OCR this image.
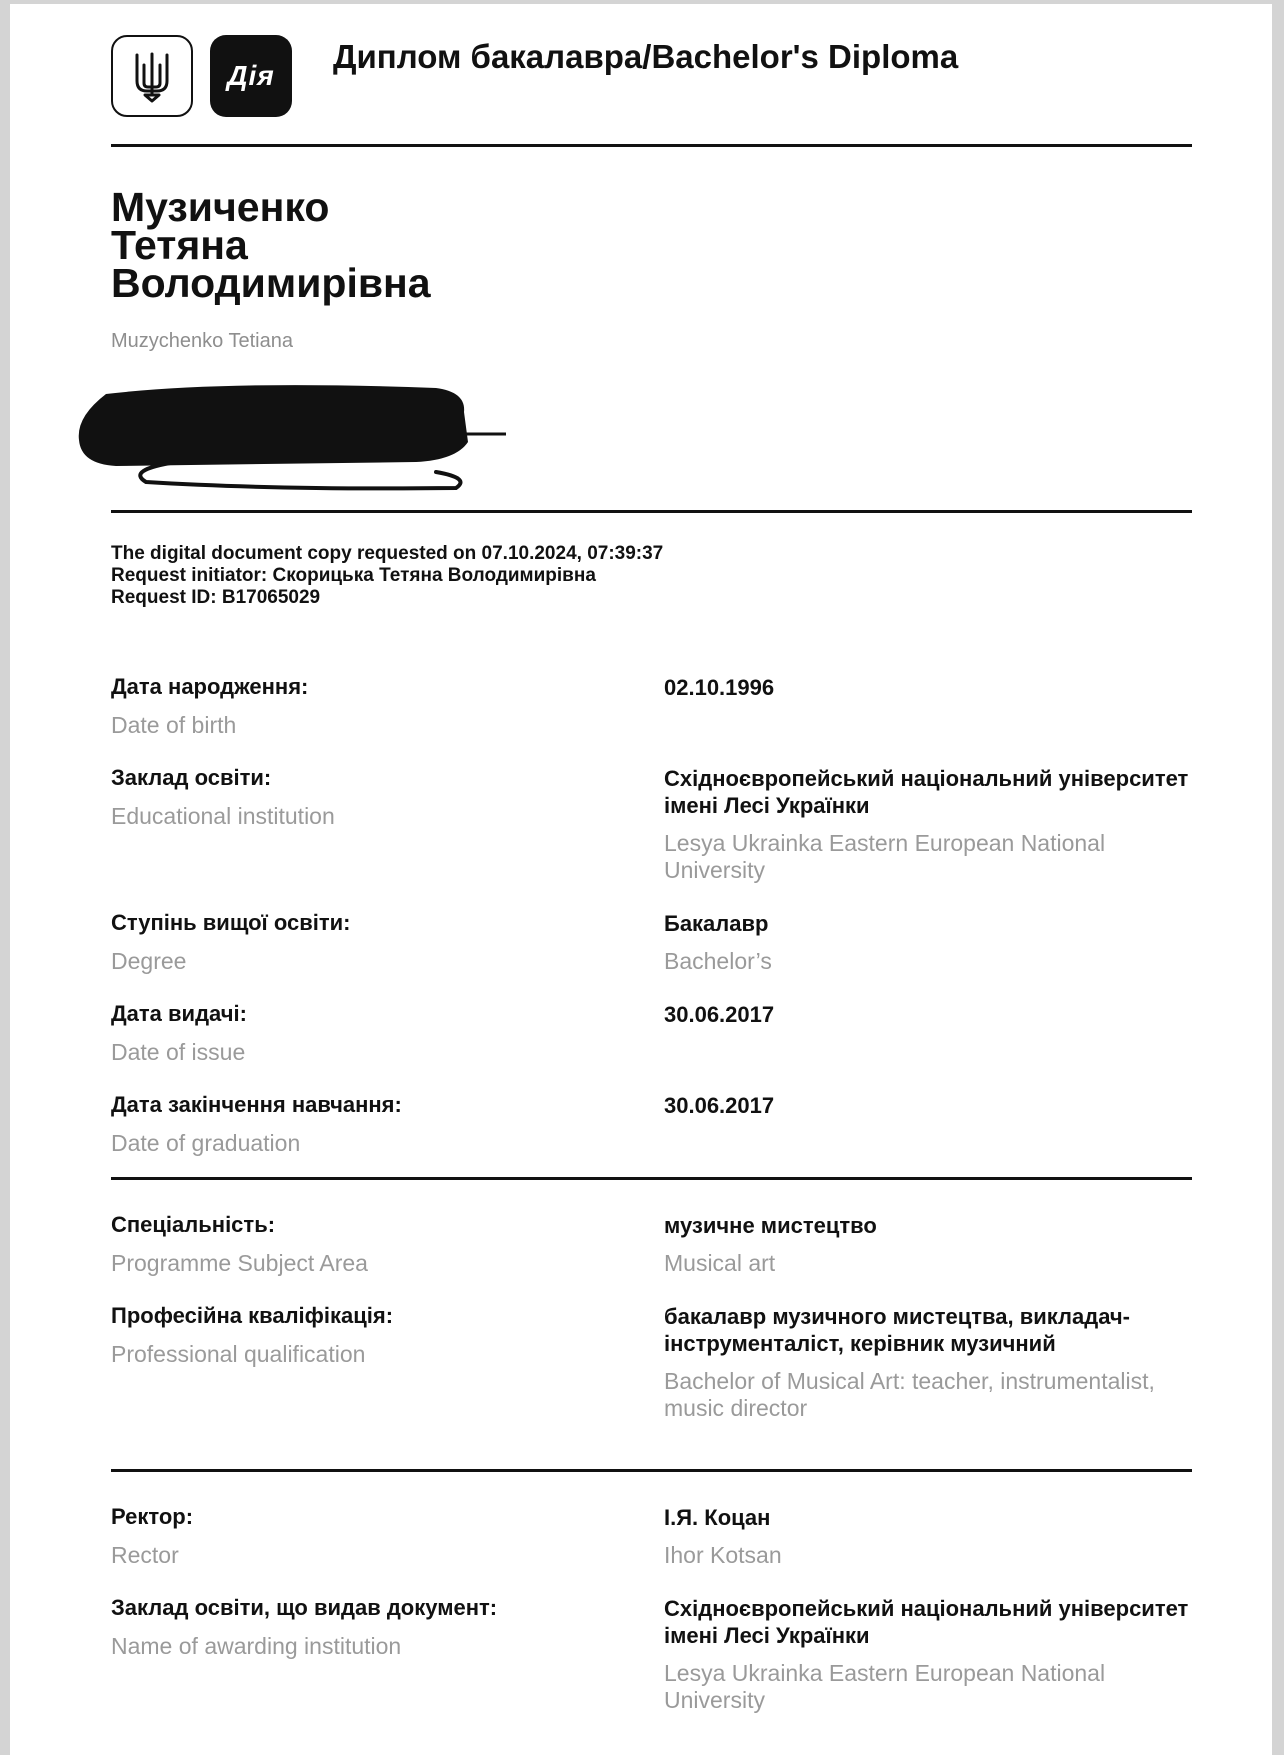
Дія
Диплом бакалавра/Bachelor's Diploma
Музиченко
Тетяна
Володимирівна
Muzychenko Tetiana
The digital document copy requested on 07.10.2024, 07:39:37
Request initiator: Скорицька Тетяна Володимирівна
Request ID: B17065029
Дата народження:
Date of birth
02.10.1996
Заклад освіти:
Educational institution
Східноєвропейський національний університет імені Лесі Українки
Lesya Ukrainka Eastern European National University
Ступінь вищої освіти:
Degree
Бакалавр
Bachelor’s
Дата видачі:
Date of issue
30.06.2017
Дата закінчення навчання:
Date of graduation
30.06.2017
Спеціальність:
Programme Subject Area
музичне мистецтво
Musical art
Професійна кваліфікація:
Professional qualification
бакалавр музичного мистецтва, викладач-інструменталіст, керівник музичний
Bachelor of Musical Art: teacher, instrumentalist, music director
Ректор:
Rector
І.Я. Коцан
Ihor Kotsan
Заклад освіти, що видав документ:
Name of awarding institution
Східноєвропейський національний університет імені Лесі Українки
Lesya Ukrainka Eastern European National University
